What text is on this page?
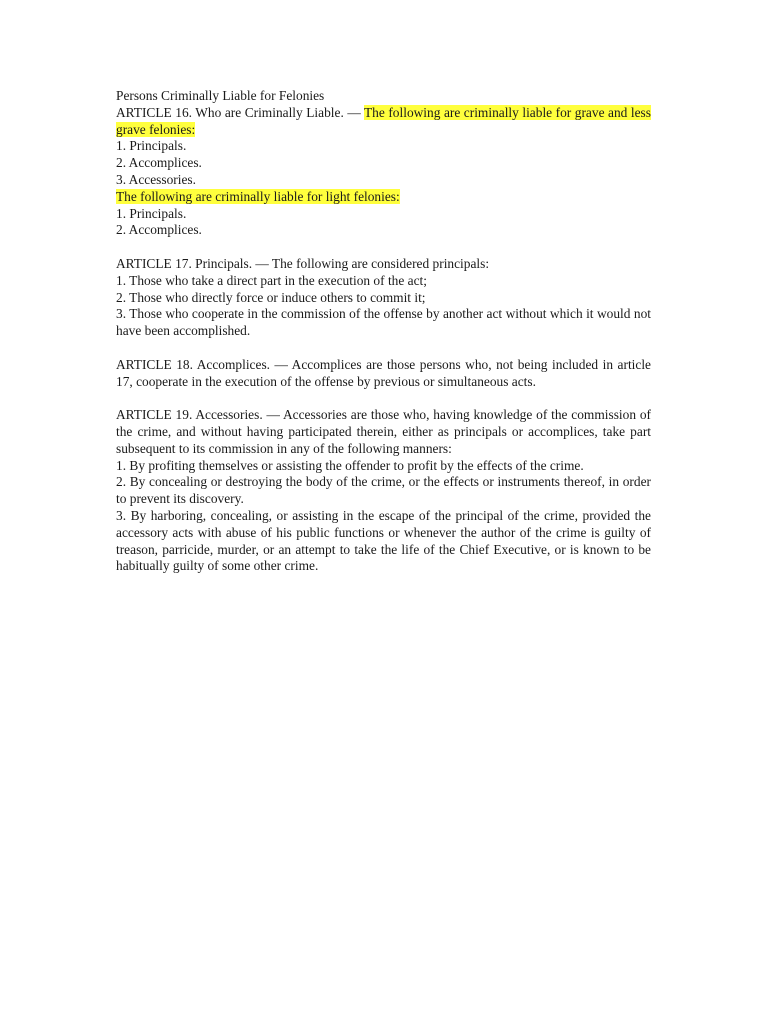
Persons Criminally Liable for Felonies

ARTICLE 16. Who are Criminally Liable. — The following are criminally liable for grave and less grave felonies:

1. Principals.

2. Accomplices.

3. Accessories.

The following are criminally liable for light felonies:

1. Principals.

2. Accomplices.

ARTICLE 17. Principals. — The following are considered principals:

1. Those who take a direct part in the execution of the act;

2. Those who directly force or induce others to commit it;

3. Those who cooperate in the commission of the offense by another act without which it would not have been accomplished.

ARTICLE 18. Accomplices. — Accomplices are those persons who, not being included in article 17, cooperate in the execution of the offense by previous or simultaneous acts.

ARTICLE 19. Accessories. — Accessories are those who, having knowledge of the commission of the crime, and without having participated therein, either as principals or accomplices, take part subsequent to its commission in any of the following manners:

1. By profiting themselves or assisting the offender to profit by the effects of the crime.

2. By concealing or destroying the body of the crime, or the effects or instruments thereof, in order to prevent its discovery.

3. By harboring, concealing, or assisting in the escape of the principal of the crime, provided the accessory acts with abuse of his public functions or whenever the author of the crime is guilty of treason, parricide, murder, or an attempt to take the life of the Chief Executive, or is known to be habitually guilty of some other crime.
